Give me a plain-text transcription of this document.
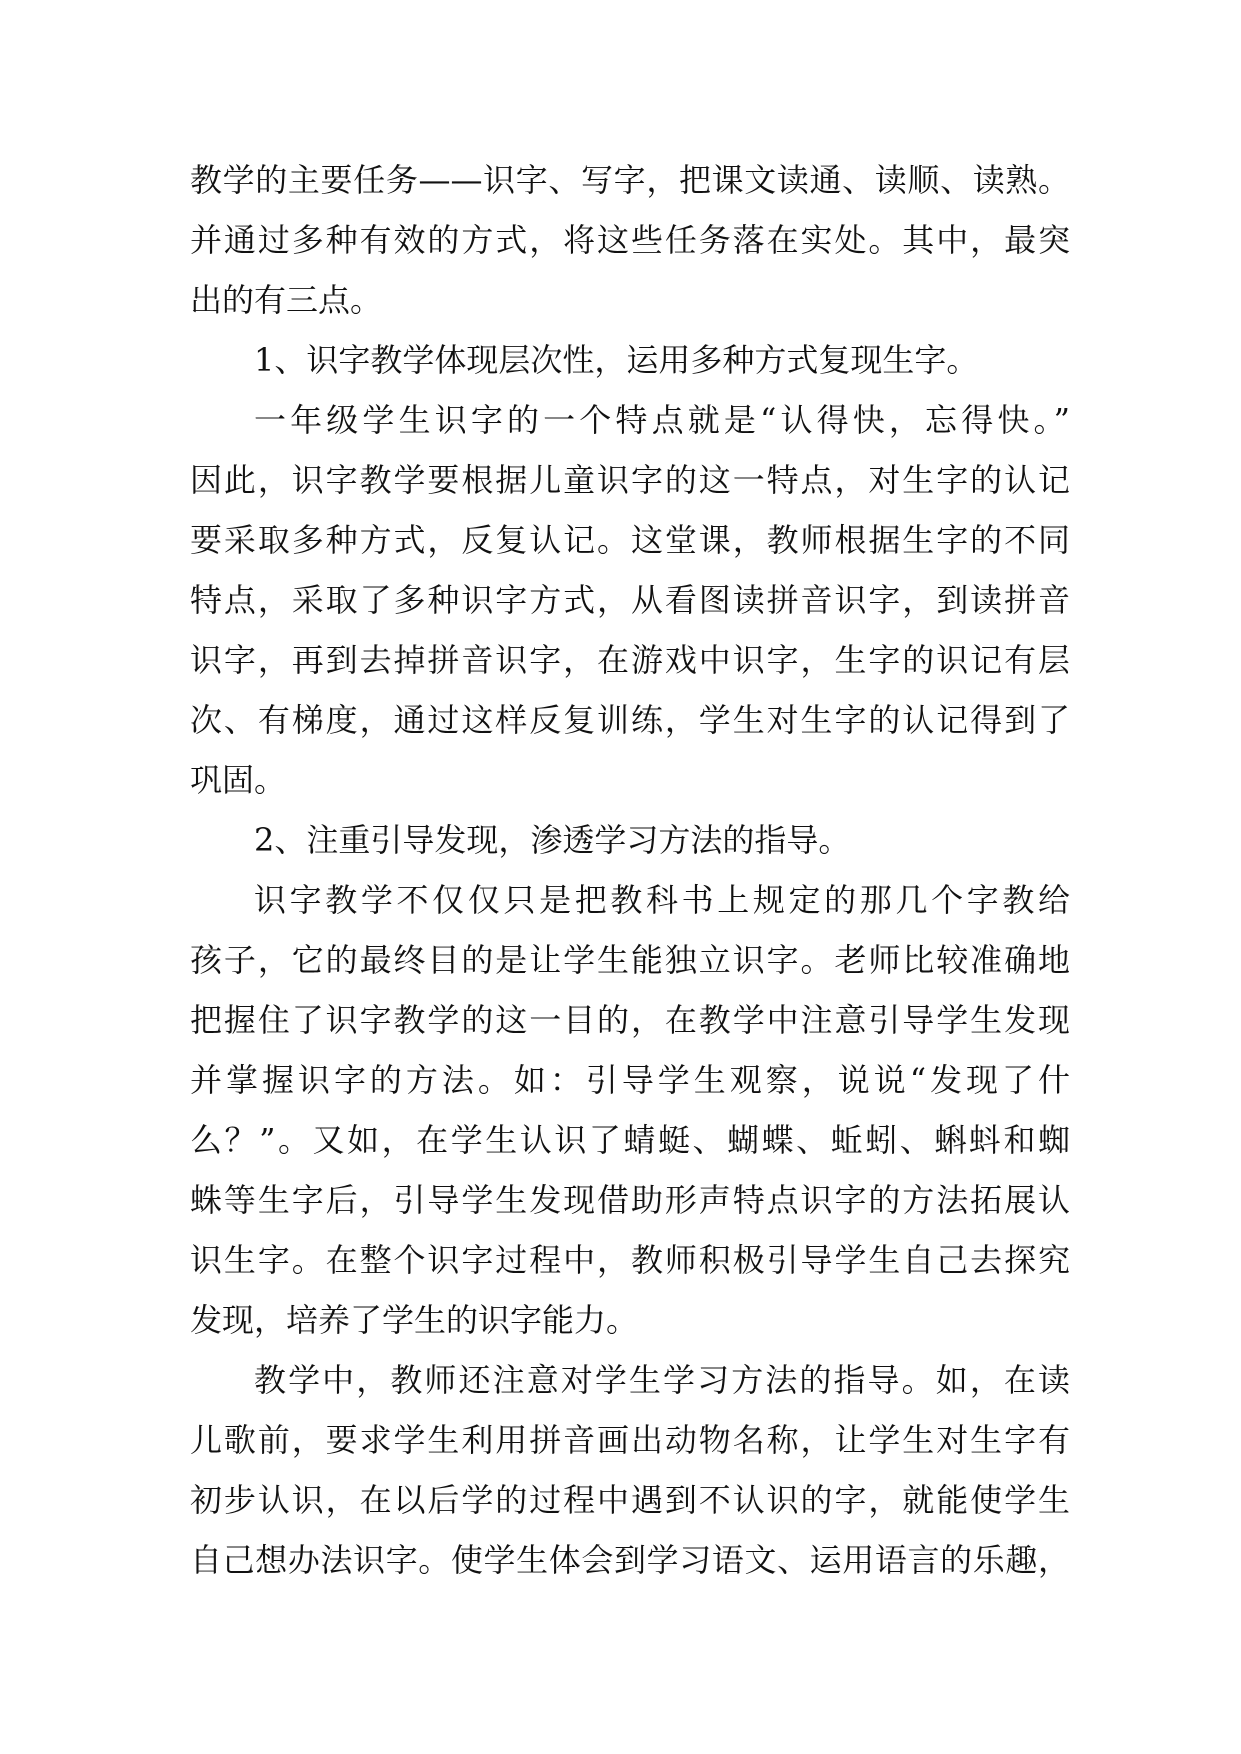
教学的主要任务——识字、写字，把课文读通、读顺、读熟。
并通过多种有效的方式，将这些任务落在实处。其中，最突
出的有三点。
1、识字教学体现层次性，运用多种方式复现生字。
一年级学生识字的一个特点就是“认得快，忘得快。”
因此，识字教学要根据儿童识字的这一特点，对生字的认记
要采取多种方式，反复认记。这堂课，教师根据生字的不同
特点，采取了多种识字方式，从看图读拼音识字，到读拼音
识字，再到去掉拼音识字，在游戏中识字，生字的识记有层
次、有梯度，通过这样反复训练，学生对生字的认记得到了
巩固。
2、注重引导发现，渗透学习方法的指导。
识字教学不仅仅只是把教科书上规定的那几个字教给
孩子，它的最终目的是让学生能独立识字。老师比较准确地
把握住了识字教学的这一目的，在教学中注意引导学生发现
并掌握识字的方法。如：引导学生观察，说说“发现了什
么？”。又如，在学生认识了蜻蜓、蝴蝶、蚯蚓、蝌蚪和蜘
蛛等生字后，引导学生发现借助形声特点识字的方法拓展认
识生字。在整个识字过程中，教师积极引导学生自己去探究
发现，培养了学生的识字能力。
教学中，教师还注意对学生学习方法的指导。如，在读
儿歌前，要求学生利用拼音画出动物名称，让学生对生字有
初步认识，在以后学的过程中遇到不认识的字，就能使学生
自己想办法识字。使学生体会到学习语文、运用语言的乐趣，
